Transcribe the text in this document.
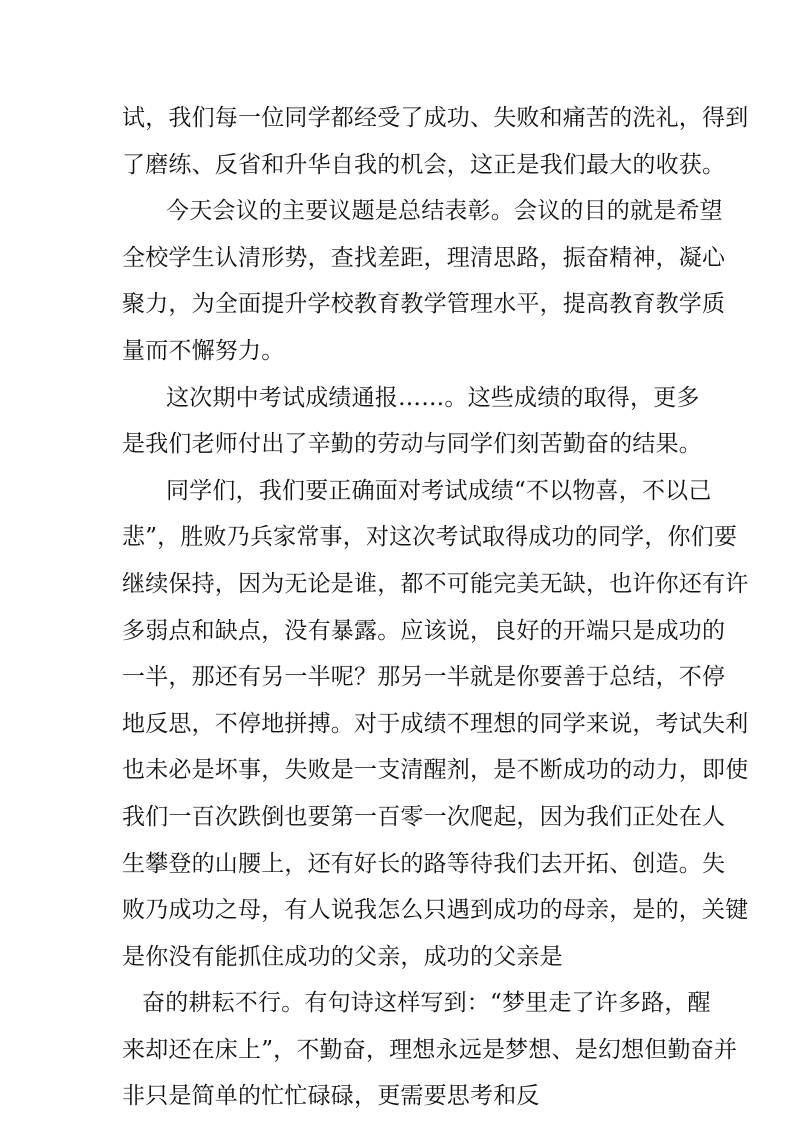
试，我们每一位同学都经受了成功、失败和痛苦的洗礼，得到
了磨练、反省和升华自我的机会，这正是我们最大的收获。
今天会议的主要议题是总结表彰。会议的目的就是希望
全校学生认清形势，查找差距，理清思路，振奋精神，凝心
聚力，为全面提升学校教育教学管理水平，提高教育教学质
量而不懈努力。
这次期中考试成绩通报……。这些成绩的取得，更多
是我们老师付出了辛勤的劳动与同学们刻苦勤奋的结果。
同学们，我们要正确面对考试成绩“不以物喜，不以己
悲”，胜败乃兵家常事，对这次考试取得成功的同学，你们要
继续保持，因为无论是谁，都不可能完美无缺，也许你还有许
多弱点和缺点，没有暴露。应该说，良好的开端只是成功的
一半，那还有另一半呢？那另一半就是你要善于总结，不停
地反思，不停地拼搏。对于成绩不理想的同学来说，考试失利
也未必是坏事，失败是一支清醒剂，是不断成功的动力，即使
我们一百次跌倒也要第一百零一次爬起，因为我们正处在人
生攀登的山腰上，还有好长的路等待我们去开拓、创造。失
败乃成功之母，有人说我怎么只遇到成功的母亲，是的，关键
是你没有能抓住成功的父亲，成功的父亲是
奋的耕耘不行。有句诗这样写到：“梦里走了许多路，醒
来却还在床上”，不勤奋，理想永远是梦想、是幻想但勤奋并
非只是简单的忙忙碌碌，更需要思考和反
